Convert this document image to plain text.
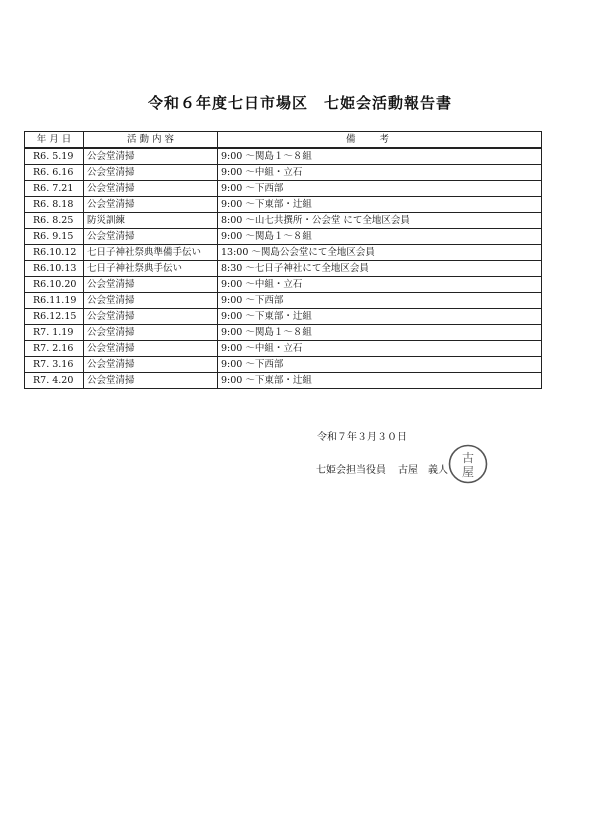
令和６年度七日市場区　七姫会活動報告書
年 月 日	活 動 内 容	備考
R6. 5.19	公会堂清掃	9:00 ～関島１～８組
R6. 6.16	公会堂清掃	9:00 ～中組・立石
R6. 7.21	公会堂清掃	9:00 ～下西部
R6. 8.18	公会堂清掃	9:00 ～下東部・辻組
R6. 8.25	防災訓練	8:00 ～山七共撰所・公会堂 にて全地区会員
R6. 9.15	公会堂清掃	9:00 ～関島１～８組
R6.10.12	七日子神社祭典準備手伝い	13:00 ～関島公会堂にて全地区会員
R6.10.13	七日子神社祭典手伝い	8:30 ～七日子神社にて全地区会員
R6.10.20	公会堂清掃	9:00 ～中組・立石
R6.11.19	公会堂清掃	9:00 ～下西部
R6.12.15	公会堂清掃	9:00 ～下東部・辻組
R7. 1.19	公会堂清掃	9:00 ～関島１～８組
R7. 2.16	公会堂清掃	9:00 ～中組・立石
R7. 3.16	公会堂清掃	9:00 ～下西部
R7. 4.20	公会堂清掃	9:00 ～下東部・辻組
令和７年３月３０日
七姫会担当役員 古屋　義人
古
屋
